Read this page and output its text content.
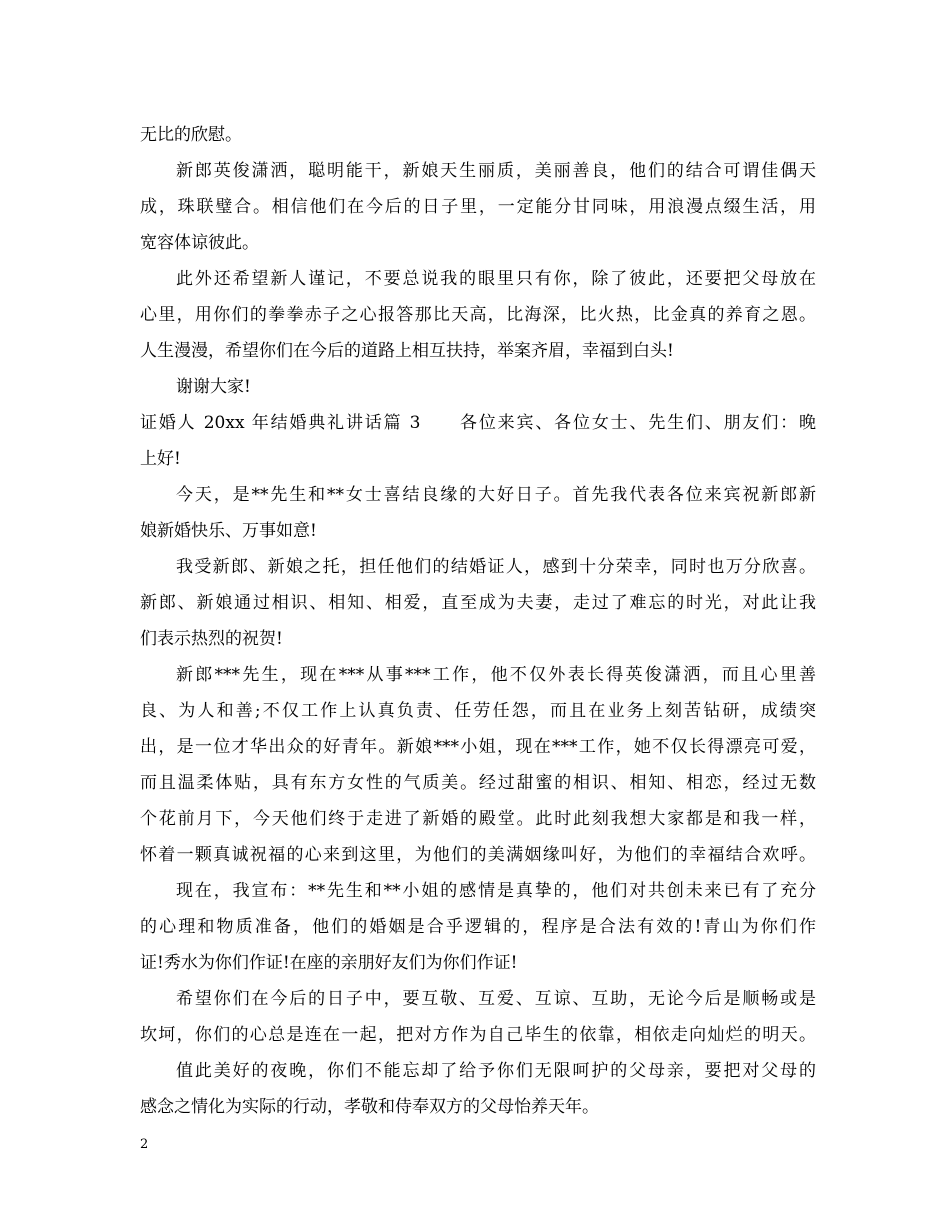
无比的欣慰。
新郎英俊潇洒，聪明能干，新娘天生丽质，美丽善良，他们的结合可谓佳偶天
成，珠联璧合。相信他们在今后的日子里，一定能分甘同味，用浪漫点缀生活，用
宽容体谅彼此。
此外还希望新人谨记，不要总说我的眼里只有你，除了彼此，还要把父母放在
心里，用你们的拳拳赤子之心报答那比天高，比海深，比火热，比金真的养育之恩。
人生漫漫，希望你们在今后的道路上相互扶持，举案齐眉，幸福到白头!
谢谢大家!
证婚人 20xx 年结婚典礼讲话篇 3　　各位来宾、各位女士、先生们、朋友们：晚
上好!
今天，是**先生和**女士喜结良缘的大好日子。首先我代表各位来宾祝新郎新
娘新婚快乐、万事如意!
我受新郎、新娘之托，担任他们的结婚证人，感到十分荣幸，同时也万分欣喜。
新郎、新娘通过相识、相知、相爱，直至成为夫妻，走过了难忘的时光，对此让我
们表示热烈的祝贺!
新郎***先生，现在***从事***工作，他不仅外表长得英俊潇洒，而且心里善
良、为人和善;不仅工作上认真负责、任劳任怨，而且在业务上刻苦钻研，成绩突
出，是一位才华出众的好青年。新娘***小姐，现在***工作，她不仅长得漂亮可爱，
而且温柔体贴，具有东方女性的气质美。经过甜蜜的相识、相知、相恋，经过无数
个花前月下，今天他们终于走进了新婚的殿堂。此时此刻我想大家都是和我一样，
怀着一颗真诚祝福的心来到这里，为他们的美满姻缘叫好，为他们的幸福结合欢呼。
现在，我宣布：**先生和**小姐的感情是真挚的，他们对共创未来已有了充分
的心理和物质准备，他们的婚姻是合乎逻辑的，程序是合法有效的!青山为你们作
证!秀水为你们作证!在座的亲朋好友们为你们作证!
希望你们在今后的日子中，要互敬、互爱、互谅、互助，无论今后是顺畅或是
坎坷，你们的心总是连在一起，把对方作为自己毕生的依靠，相依走向灿烂的明天。
值此美好的夜晚，你们不能忘却了给予你们无限呵护的父母亲，要把对父母的
感念之情化为实际的行动，孝敬和侍奉双方的父母怡养天年。
2
